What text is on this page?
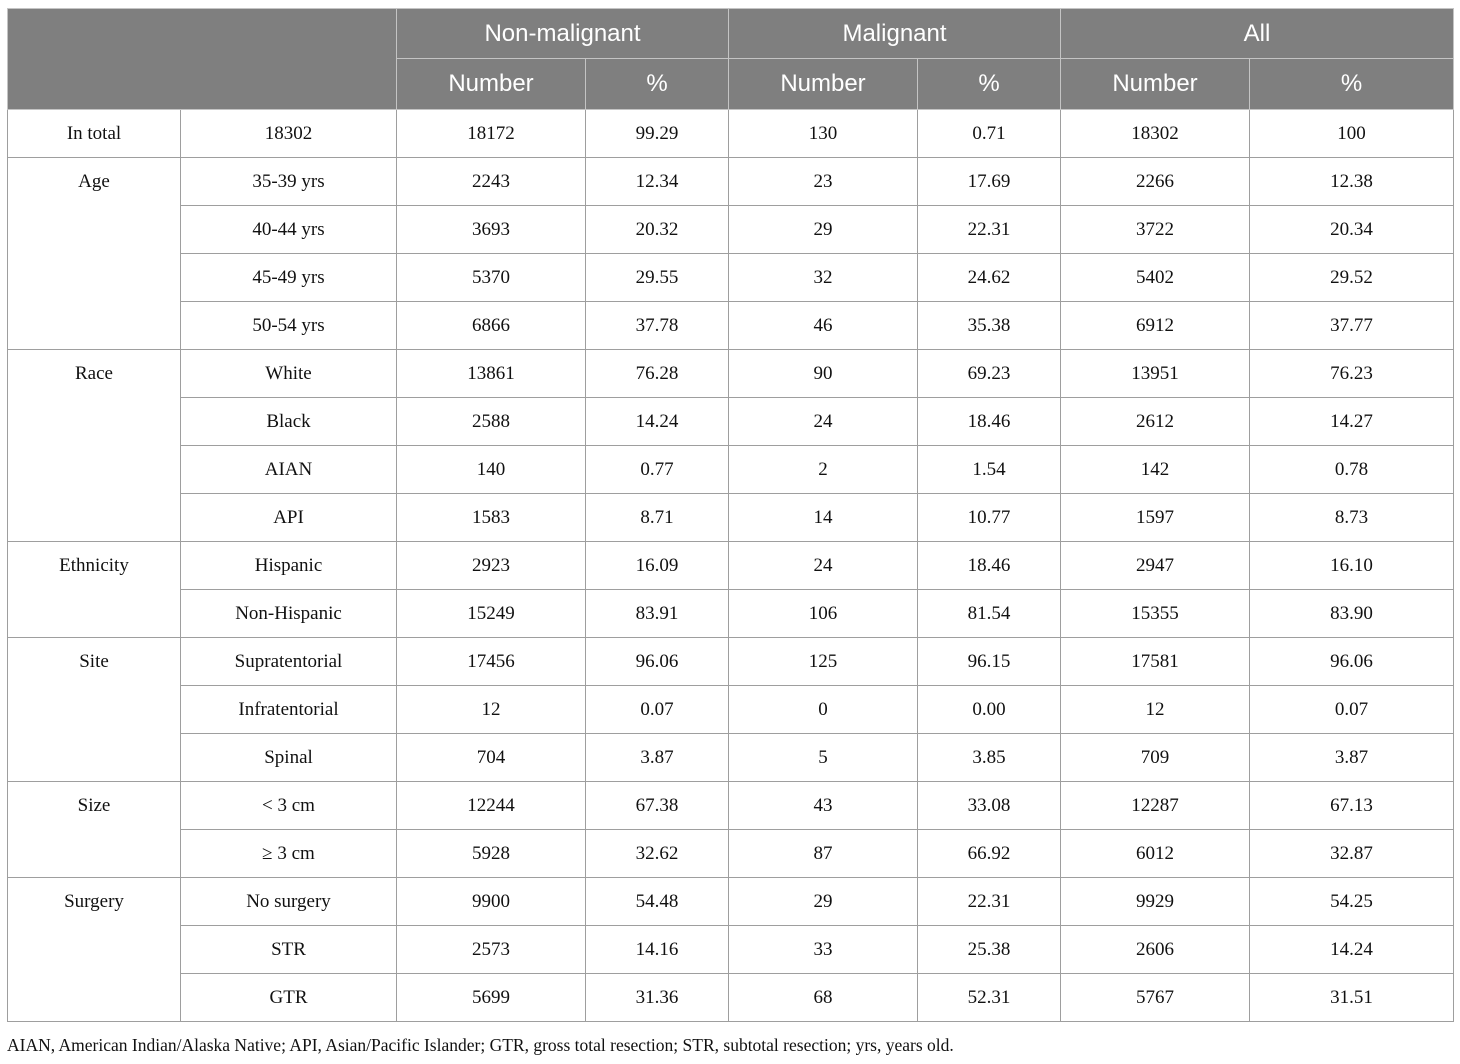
		Non-malignant		Malignant		All	
		Number	%	Number	%	Number	%
In total	18302	18172	99.29	130	0.71	18302	100
Age	35-39 yrs	2243	12.34	23	17.69	2266	12.38
	40-44 yrs	3693	20.32	29	22.31	3722	20.34
	45-49 yrs	5370	29.55	32	24.62	5402	29.52
	50-54 yrs	6866	37.78	46	35.38	6912	37.77
Race	White	13861	76.28	90	69.23	13951	76.23
	Black	2588	14.24	24	18.46	2612	14.27
	AIAN	140	0.77	2	1.54	142	0.78
	API	1583	8.71	14	10.77	1597	8.73
Ethnicity	Hispanic	2923	16.09	24	18.46	2947	16.10
	Non-Hispanic	15249	83.91	106	81.54	15355	83.90
Site	Supratentorial	17456	96.06	125	96.15	17581	96.06
	Infratentorial	12	0.07	0	0.00	12	0.07
	Spinal	704	3.87	5	3.85	709	3.87
Size	< 3 cm	12244	67.38	43	33.08	12287	67.13
	≥ 3 cm	5928	32.62	87	66.92	6012	32.87
Surgery	No surgery	9900	54.48	29	22.31	9929	54.25
	STR	2573	14.16	33	25.38	2606	14.24
	GTR	5699	31.36	68	52.31	5767	31.51
AIAN, American Indian/Alaska Native; API, Asian/Pacific Islander; GTR, gross total resection; STR, subtotal resection; yrs, years old.
